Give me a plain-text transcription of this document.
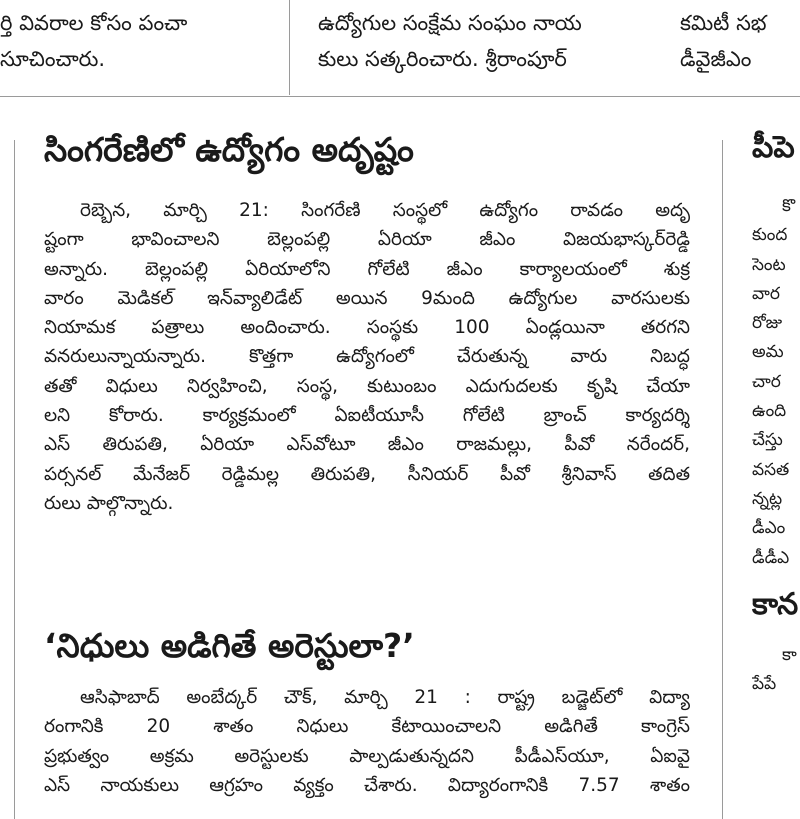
ర్తి వివరాల కోసం పంచా
సూచించారు.
ఉద్యోగుల సంక్షేమ సంఘం నాయ
కులు సత్కరించారు. శ్రీరాంపూర్
కమిటీ సభ
డీవైజీఎం
సింగరేణిలో ఉద్యోగం అదృష్టం
రెబ్బెన, మార్చి 21: సింగరేణి సంస్థలో ఉద్యోగం రావడం అదృ
ష్టంగా భావించాలని బెల్లంపల్లి ఏరియా జీఎం విజయభాస్కర్‌రెడ్డి
అన్నారు. బెల్లంపల్లి ఏరియాలోని గోలేటి జీఎం కార్యాలయంలో శుక్ర
వారం మెడికల్ ఇన్‌వ్యాలిడేట్ అయిన 9మంది ఉద్యోగుల వారసులకు
నియామక పత్రాలు అందించారు. సంస్థకు 100 ఏండ్లయినా తరగని
వనరులున్నాయన్నారు. కొత్తగా ఉద్యోగంలో చేరుతున్న వారు నిబద్ధ
తతో విధులు నిర్వహించి, సంస్థ, కుటుంబం ఎదుగుదలకు కృషి చేయా
లని కోరారు. కార్యక్రమంలో ఏఐటీయూసీ గోలేటి బ్రాంచ్ కార్యదర్శి
ఎస్ తిరుపతి, ఏరియా ఎస్‌వోటూ జీఎం రాజమల్లు, పీవో నరేందర్,
పర్సనల్ మేనేజర్ రెడ్డిమల్ల తిరుపతి, సీనియర్ పీవో శ్రీనివాస్ తదిత
రులు పాల్గొన్నారు.
‘నిధులు అడిగితే అరెస్టులా?’
ఆసిఫాబాద్ అంబేద్కర్ చౌక్, మార్చి 21 : రాష్ట్ర బడ్జెట్‌లో విద్యా
రంగానికి 20 శాతం నిధులు కేటాయించాలని అడిగితే కాంగ్రెస్
ప్రభుత్వం అక్రమ అరెస్టులకు పాల్పడుతున్నదని పీడీఎస్‌యూ, ఏఐవై
ఎస్ నాయకులు ఆగ్రహం వ్యక్తం చేశారు. విద్యారంగానికి 7.57 శాతం
పీపె
కొ
కుంద
సెంట
వార
రోజు
అమ
చార
ఉంది
చేస్తు
వసత
న్నట్ల
డీఎం
డీడీఎ
కాన
కా
పేపే
